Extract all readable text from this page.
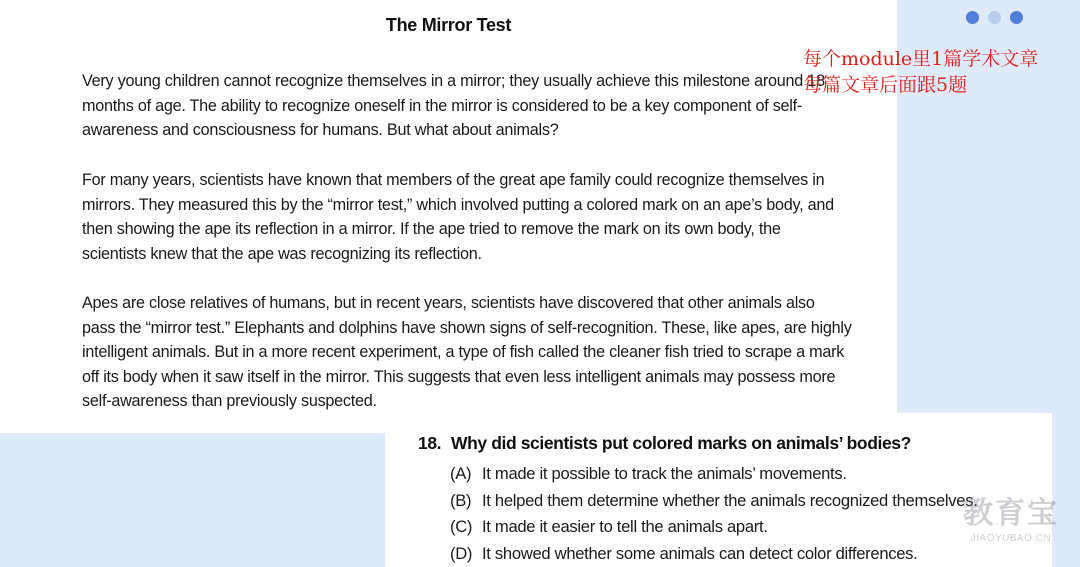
The Mirror Test

Very young children cannot recognize themselves in a mirror; they usually achieve this milestone around 18 months of age. The ability to recognize oneself in the mirror is considered to be a key component of self-awareness and consciousness for humans. But what about animals?

For many years, scientists have known that members of the great ape family could recognize themselves in mirrors. They measured this by the “mirror test,” which involved putting a colored mark on an ape’s body, and then showing the ape its reflection in a mirror. If the ape tried to remove the mark on its own body, the scientists knew that the ape was recognizing its reflection.

Apes are close relatives of humans, but in recent years, scientists have discovered that other animals also pass the “mirror test.” Elephants and dolphins have shown signs of self-recognition. These, like apes, are highly intelligent animals. But in a more recent experiment, a type of fish called the cleaner fish tried to scrape a mark off its body when it saw itself in the mirror. This suggests that even less intelligent animals may possess more self-awareness than previously suspected.

每个module里1篇学术文章
每篇文章后面跟5题
18. Why did scientists put colored marks on animals’ bodies?
(A) It made it possible to track the animals’ movements.
(B) It helped them determine whether the animals recognized themselves.
(C) It made it easier to tell the animals apart.
(D) It showed whether some animals can detect color differences.
教育宝
JIAOYUBAO.CN
